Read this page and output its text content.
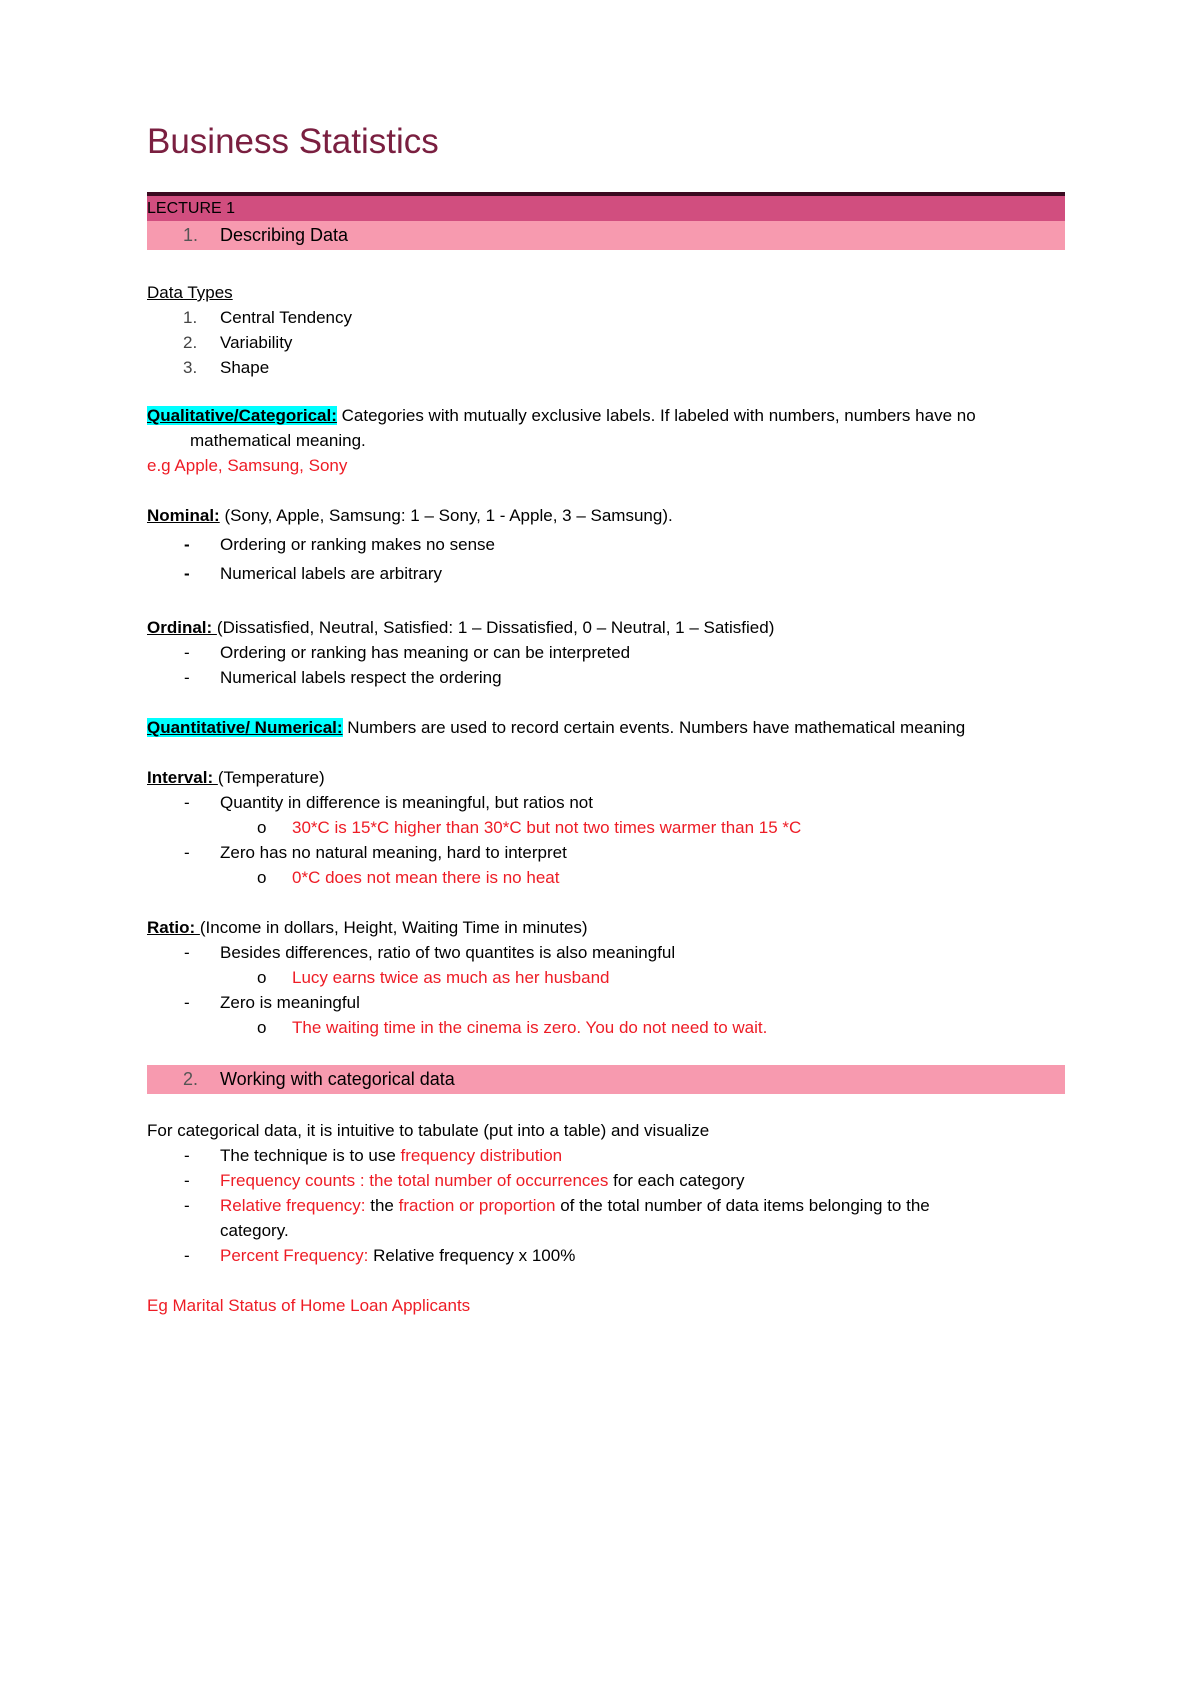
Business Statistics
LECTURE 1
1. Describing Data
Data Types
1. Central Tendency
2. Variability
3. Shape
Qualitative/Categorical: Categories with mutually exclusive labels. If labeled with numbers, numbers have no
mathematical meaning.
e.g Apple, Samsung, Sony
Nominal: (Sony, Apple, Samsung: 1 – Sony, 1 - Apple, 3 – Samsung).
- Ordering or ranking makes no sense
- Numerical labels are arbitrary
Ordinal: (Dissatisfied, Neutral, Satisfied: 1 – Dissatisfied, 0 – Neutral, 1 – Satisfied)
- Ordering or ranking has meaning or can be interpreted
- Numerical labels respect the ordering
Quantitative/ Numerical: Numbers are used to record certain events. Numbers have mathematical meaning
Interval: (Temperature)
- Quantity in difference is meaningful, but ratios not
o 30*C is 15*C higher than 30*C but not two times warmer than 15 *C
- Zero has no natural meaning, hard to interpret
o 0*C does not mean there is no heat
Ratio: (Income in dollars, Height, Waiting Time in minutes)
- Besides differences, ratio of two quantites is also meaningful
o Lucy earns twice as much as her husband
- Zero is meaningful
o The waiting time in the cinema is zero. You do not need to wait.
2. Working with categorical data
For categorical data, it is intuitive to tabulate (put into a table) and visualize
- The technique is to use frequency distribution
- Frequency counts : the total number of occurrences for each category
- Relative frequency: the fraction or proportion of the total number of data items belonging to the
category.
- Percent Frequency: Relative frequency x 100%
Eg Marital Status of Home Loan Applicants
